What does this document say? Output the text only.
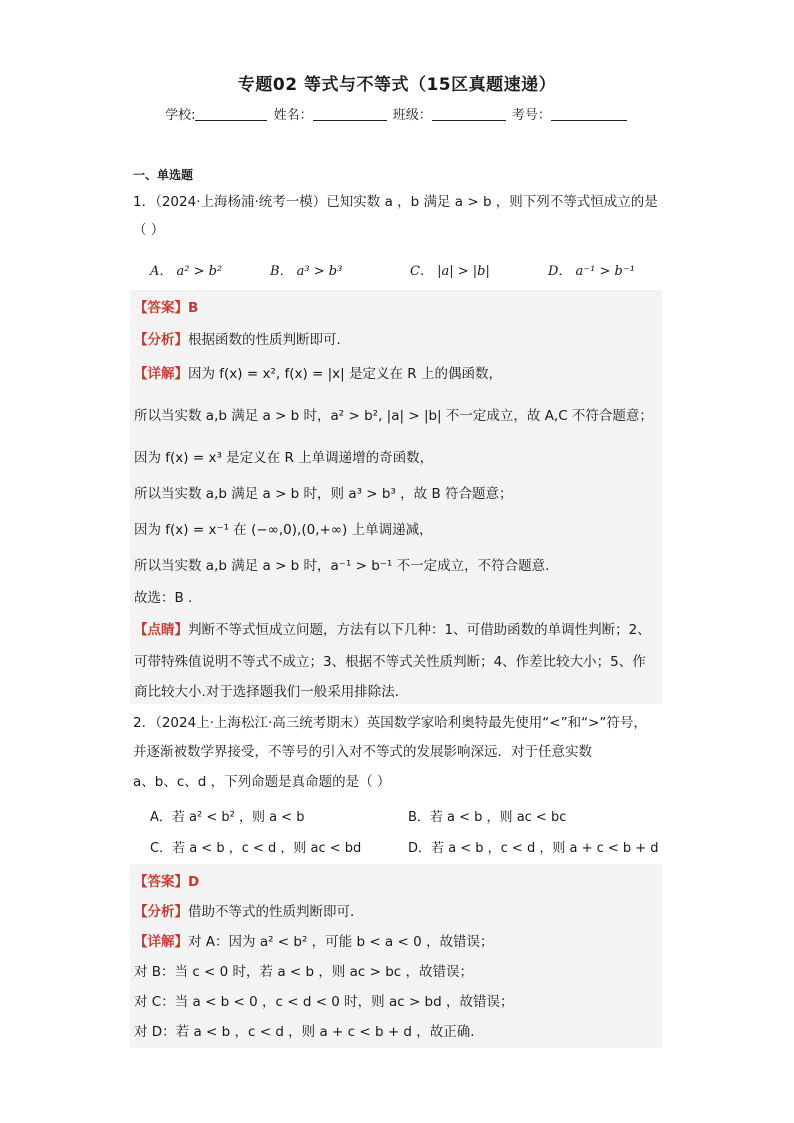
专题02 等式与不等式（15区真题速递）
学校:	姓名：	班级：	考号：
一、单选题
1．（2024·上海杨浦·统考一模）已知实数 a ，b 满足 a > b ，则下列不等式恒成立的是
（ ）
A． a² > b²	B． a³ > b³	C． |a| > |b|	D． a⁻¹ > b⁻¹
【答案】B
【分析】根据函数的性质判断即可.
【详解】因为 f(x) = x², f(x) = |x| 是定义在 R 上的偶函数，
所以当实数 a,b 满足 a > b 时，a² > b², |a| > |b| 不一定成立，故 A,C 不符合题意；
因为 f(x) = x³ 是定义在 R 上单调递增的奇函数，
所以当实数 a,b 满足 a > b 时，则 a³ > b³ ，故 B 符合题意；
因为 f(x) = x⁻¹ 在 (−∞,0),(0,+∞) 上单调递减，
所以当实数 a,b 满足 a > b 时，a⁻¹ > b⁻¹ 不一定成立，不符合题意.
故选：B .
【点睛】判断不等式恒成立问题，方法有以下几种：1、可借助函数的单调性判断；2、
可带特殊值说明不等式不成立；3、根据不等式关性质判断；4、作差比较大小；5、作
商比较大小.对于选择题我们一般采用排除法.
2．（2024上·上海松江·高三统考期末）英国数学家哈利奥特最先使用“<”和“>”符号，
并逐渐被数学界接受，不等号的引入对不等式的发展影响深远．对于任意实数
a、b、c、d ，下列命题是真命题的是（ ）
A．若 a² < b² ，则 a < b	B．若 a < b ，则 ac < bc
C．若 a < b ，c < d ，则 ac < bd	D．若 a < b ，c < d ，则 a + c < b + d
【答案】D
【分析】借助不等式的性质判断即可.
【详解】对 A：因为 a² < b² ，可能 b < a < 0 ，故错误；
对 B：当 c < 0 时，若 a < b ，则 ac > bc ，故错误；
对 C：当 a < b < 0 ，c < d < 0 时，则 ac > bd ，故错误；
对 D：若 a < b ，c < d ，则 a + c < b + d ，故正确.
